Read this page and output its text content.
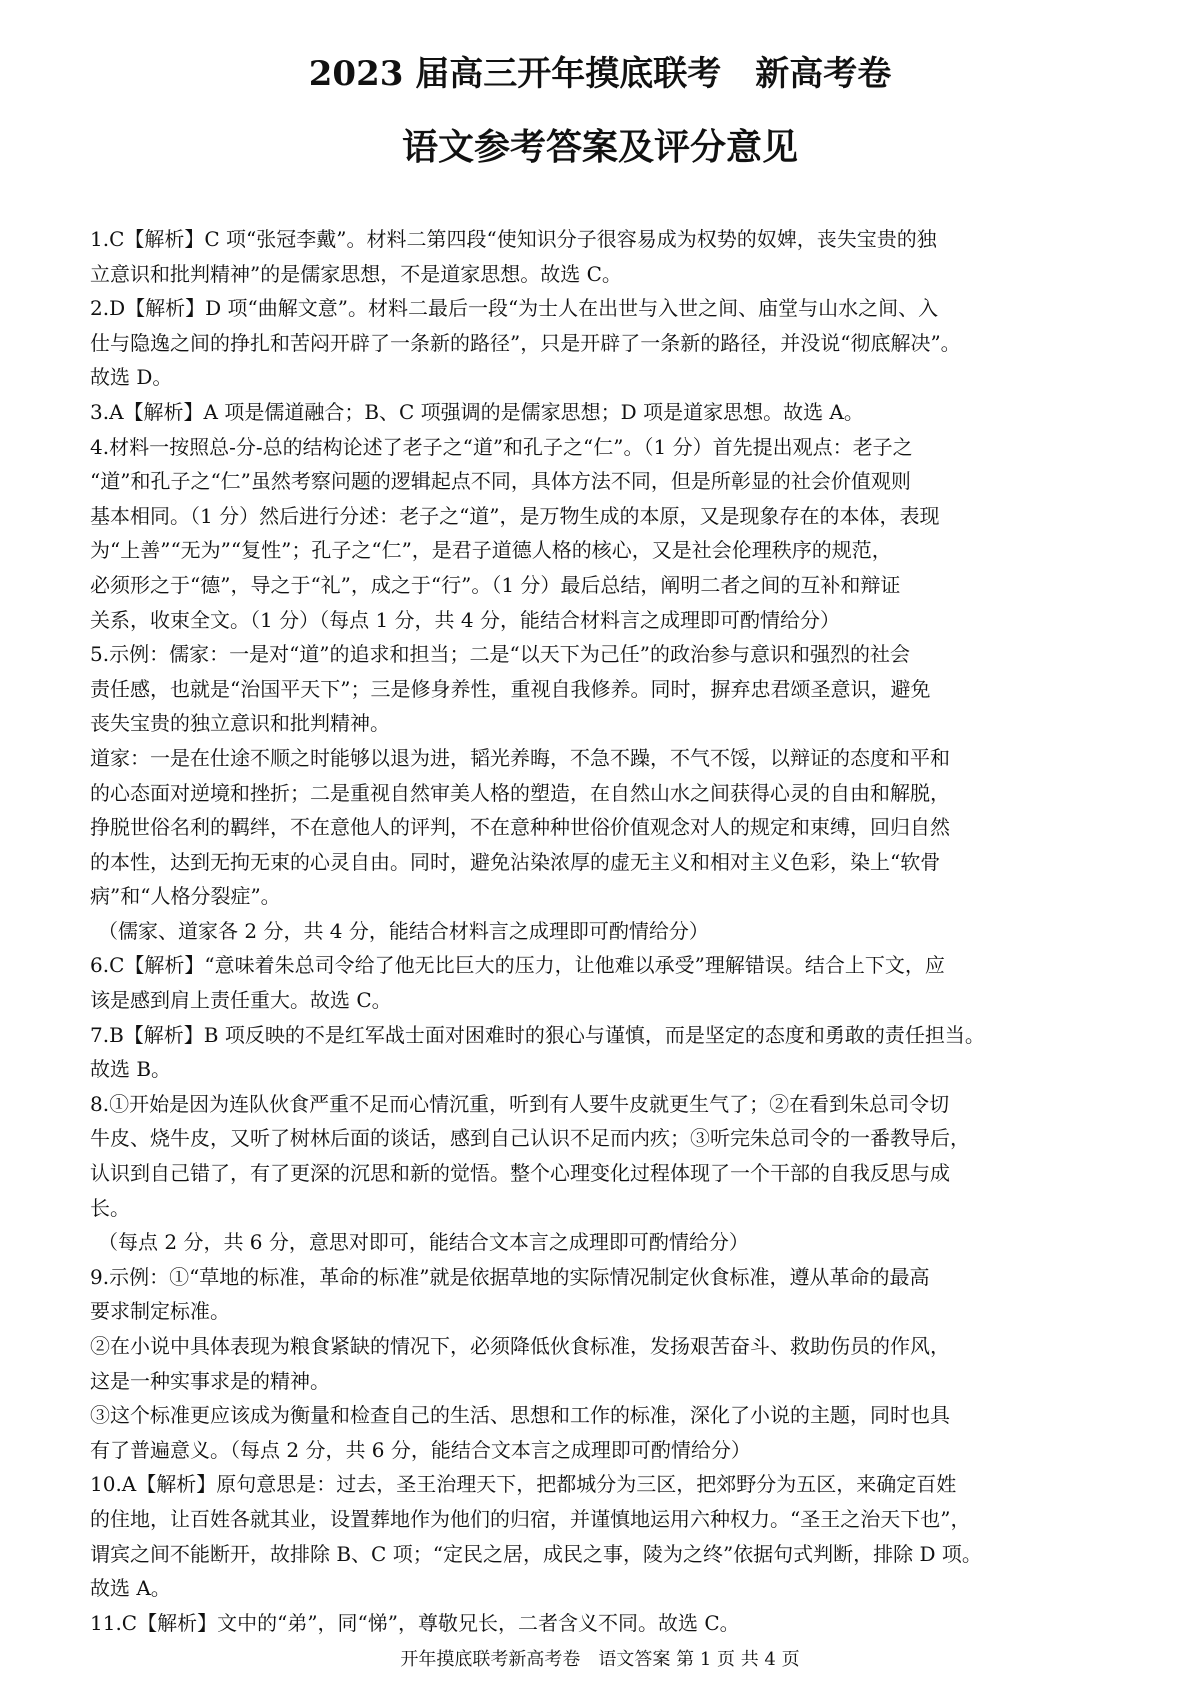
2023 届高三开年摸底联考　新高考卷
语文参考答案及评分意见
1.C【解析】C 项“张冠李戴”。材料二第四段“使知识分子很容易成为权势的奴婢，丧失宝贵的独
立意识和批判精神”的是儒家思想，不是道家思想。故选 C。
2.D【解析】D 项“曲解文意”。材料二最后一段“为士人在出世与入世之间、庙堂与山水之间、入
仕与隐逸之间的挣扎和苦闷开辟了一条新的路径”，只是开辟了一条新的路径，并没说“彻底解决”。
故选 D。
3.A【解析】A 项是儒道融合；B、C 项强调的是儒家思想；D 项是道家思想。故选 A。
4.材料一按照总-分-总的结构论述了老子之“道”和孔子之“仁”。（1 分）首先提出观点：老子之
“道”和孔子之“仁”虽然考察问题的逻辑起点不同，具体方法不同，但是所彰显的社会价值观则
基本相同。（1 分）然后进行分述：老子之“道”，是万物生成的本原，又是现象存在的本体，表现
为“上善”“无为”“复性”；孔子之“仁”，是君子道德人格的核心，又是社会伦理秩序的规范，
必须形之于“德”，导之于“礼”，成之于“行”。（1 分）最后总结，阐明二者之间的互补和辩证
关系，收束全文。（1 分）（每点 1 分，共 4 分，能结合材料言之成理即可酌情给分）
5.示例：儒家：一是对“道”的追求和担当；二是“以天下为己任”的政治参与意识和强烈的社会
责任感，也就是“治国平天下”；三是修身养性，重视自我修养。同时，摒弃忠君颂圣意识，避免
丧失宝贵的独立意识和批判精神。
道家：一是在仕途不顺之时能够以退为进，韬光养晦，不急不躁，不气不馁，以辩证的态度和平和
的心态面对逆境和挫折；二是重视自然审美人格的塑造，在自然山水之间获得心灵的自由和解脱，
挣脱世俗名利的羁绊，不在意他人的评判，不在意种种世俗价值观念对人的规定和束缚，回归自然
的本性，达到无拘无束的心灵自由。同时，避免沾染浓厚的虚无主义和相对主义色彩，染上“软骨
病”和“人格分裂症”。
（儒家、道家各 2 分，共 4 分，能结合材料言之成理即可酌情给分）
6.C【解析】“意味着朱总司令给了他无比巨大的压力，让他难以承受”理解错误。结合上下文，应
该是感到肩上责任重大。故选 C。
7.B【解析】B 项反映的不是红军战士面对困难时的狠心与谨慎，而是坚定的态度和勇敢的责任担当。
故选 B。
8.①开始是因为连队伙食严重不足而心情沉重，听到有人要牛皮就更生气了；②在看到朱总司令切
牛皮、烧牛皮，又听了树林后面的谈话，感到自己认识不足而内疚；③听完朱总司令的一番教导后，
认识到自己错了，有了更深的沉思和新的觉悟。整个心理变化过程体现了一个干部的自我反思与成
长。
（每点 2 分，共 6 分，意思对即可，能结合文本言之成理即可酌情给分）
9.示例：①“草地的标准，革命的标准”就是依据草地的实际情况制定伙食标准，遵从革命的最高
要求制定标准。
②在小说中具体表现为粮食紧缺的情况下，必须降低伙食标准，发扬艰苦奋斗、救助伤员的作风，
这是一种实事求是的精神。
③这个标准更应该成为衡量和检查自己的生活、思想和工作的标准，深化了小说的主题，同时也具
有了普遍意义。（每点 2 分，共 6 分，能结合文本言之成理即可酌情给分）
10.A【解析】原句意思是：过去，圣王治理天下，把都城分为三区，把郊野分为五区，来确定百姓
的住地，让百姓各就其业，设置葬地作为他们的归宿，并谨慎地运用六种权力。“圣王之治天下也”，
谓宾之间不能断开，故排除 B、C 项；“定民之居，成民之事，陵为之终”依据句式判断，排除 D 项。
故选 A。
11.C【解析】文中的“弟”，同“悌”，尊敬兄长，二者含义不同。故选 C。
开年摸底联考新高考卷　语文答案 第 1 页 共 4 页
